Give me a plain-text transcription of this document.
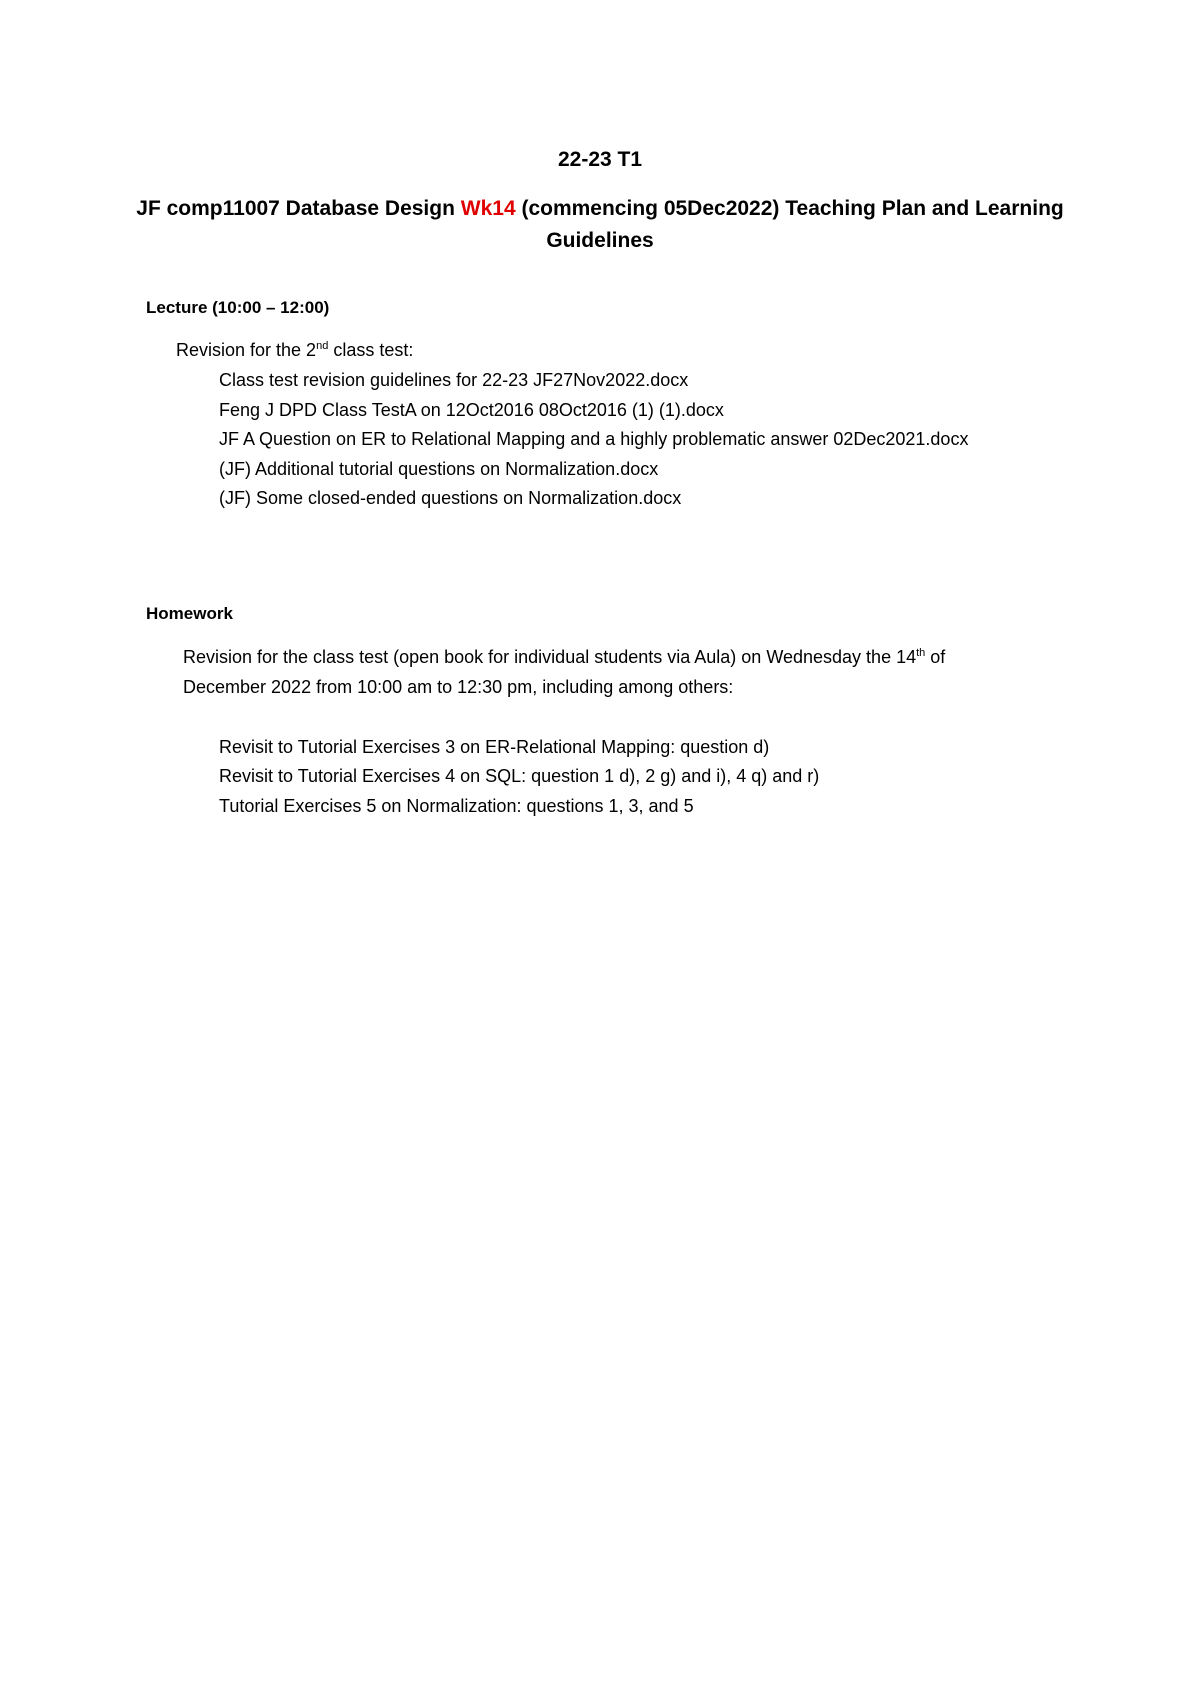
22-23 T1
JF comp11007 Database Design Wk14 (commencing 05Dec2022) Teaching Plan and Learning Guidelines
Lecture (10:00 – 12:00)
Revision for the 2nd class test:
Class test revision guidelines for 22-23 JF27Nov2022.docx
Feng J DPD Class TestA on 12Oct2016 08Oct2016 (1) (1).docx
JF A Question on ER to Relational Mapping and a highly problematic answer 02Dec2021.docx
(JF) Additional tutorial questions on Normalization.docx
(JF) Some closed-ended questions on Normalization.docx
Homework
Revision for the class test (open book for individual students via Aula) on Wednesday the 14th of
December 2022 from 10:00 am to 12:30 pm, including among others:
Revisit to Tutorial Exercises 3 on ER-Relational Mapping: question d)
Revisit to Tutorial Exercises 4 on SQL: question 1 d), 2 g) and i), 4 q) and r)
Tutorial Exercises 5 on Normalization: questions 1, 3, and 5
